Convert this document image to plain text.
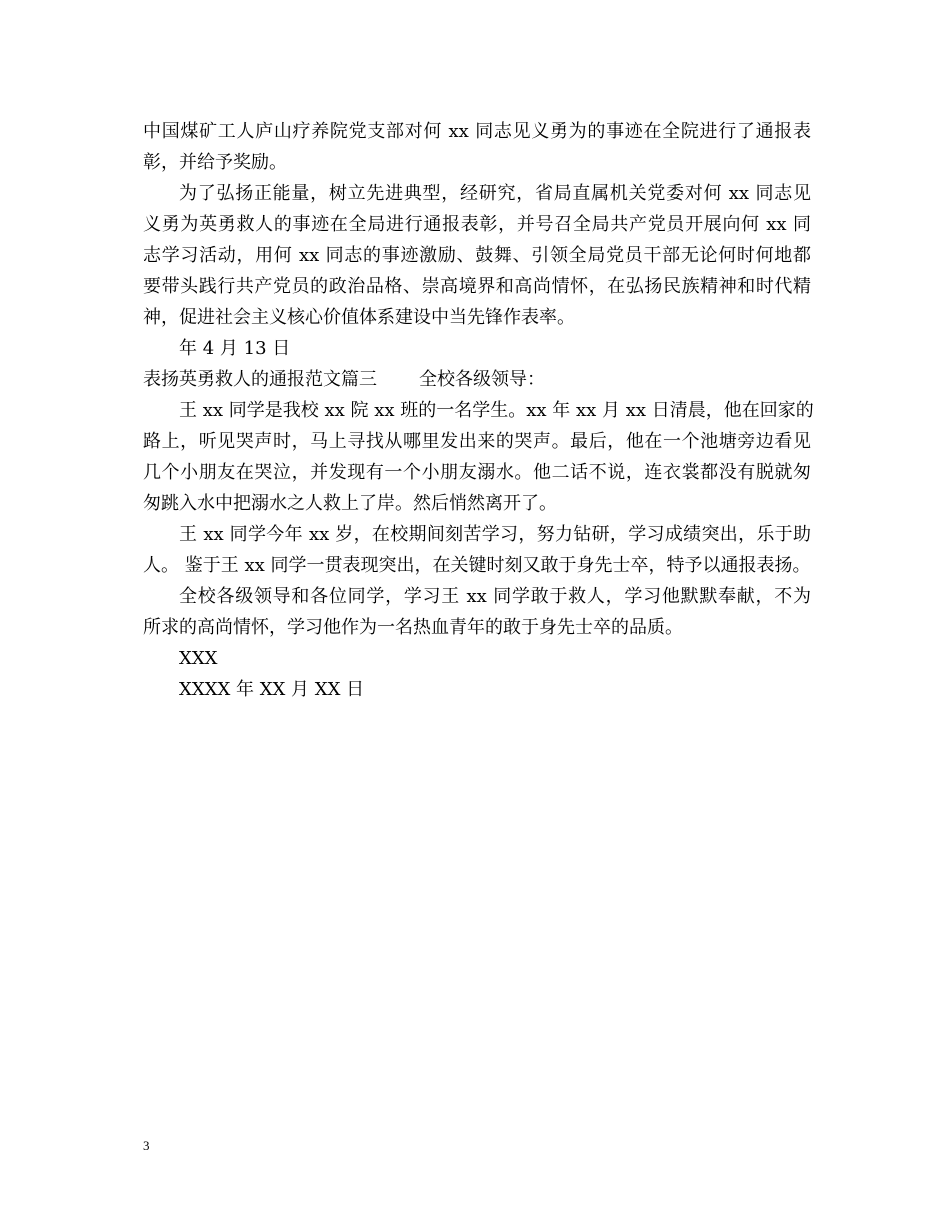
中国煤矿工人庐山疗养院党支部对何 xx 同志见义勇为的事迹在全院进行了通报表
彰，并给予奖励。
为了弘扬正能量，树立先进典型，经研究，省局直属机关党委对何 xx 同志见
义勇为英勇救人的事迹在全局进行通报表彰，并号召全局共产党员开展向何 xx 同
志学习活动，用何 xx 同志的事迹激励、鼓舞、引领全局党员干部无论何时何地都
要带头践行共产党员的政治品格、崇高境界和高尚情怀，在弘扬民族精神和时代精
神，促进社会主义核心价值体系建设中当先锋作表率。
年 4 月 13 日
表扬英勇救人的通报范文篇三 全校各级领导：
王 xx 同学是我校 xx 院 xx 班的一名学生。xx 年 xx 月 xx 日清晨，他在回家的
路上，听见哭声时，马上寻找从哪里发出来的哭声。最后，他在一个池塘旁边看见
几个小朋友在哭泣，并发现有一个小朋友溺水。他二话不说，连衣裳都没有脱就匆
匆跳入水中把溺水之人救上了岸。然后悄然离开了。
王 xx 同学今年 xx 岁，在校期间刻苦学习，努力钻研，学习成绩突出，乐于助
人。 鉴于王 xx 同学一贯表现突出，在关键时刻又敢于身先士卒，特予以通报表扬。
全校各级领导和各位同学，学习王 xx 同学敢于救人，学习他默默奉献，不为
所求的高尚情怀，学习他作为一名热血青年的敢于身先士卒的品质。
XXX
XXXX 年 XX 月 XX 日
3
